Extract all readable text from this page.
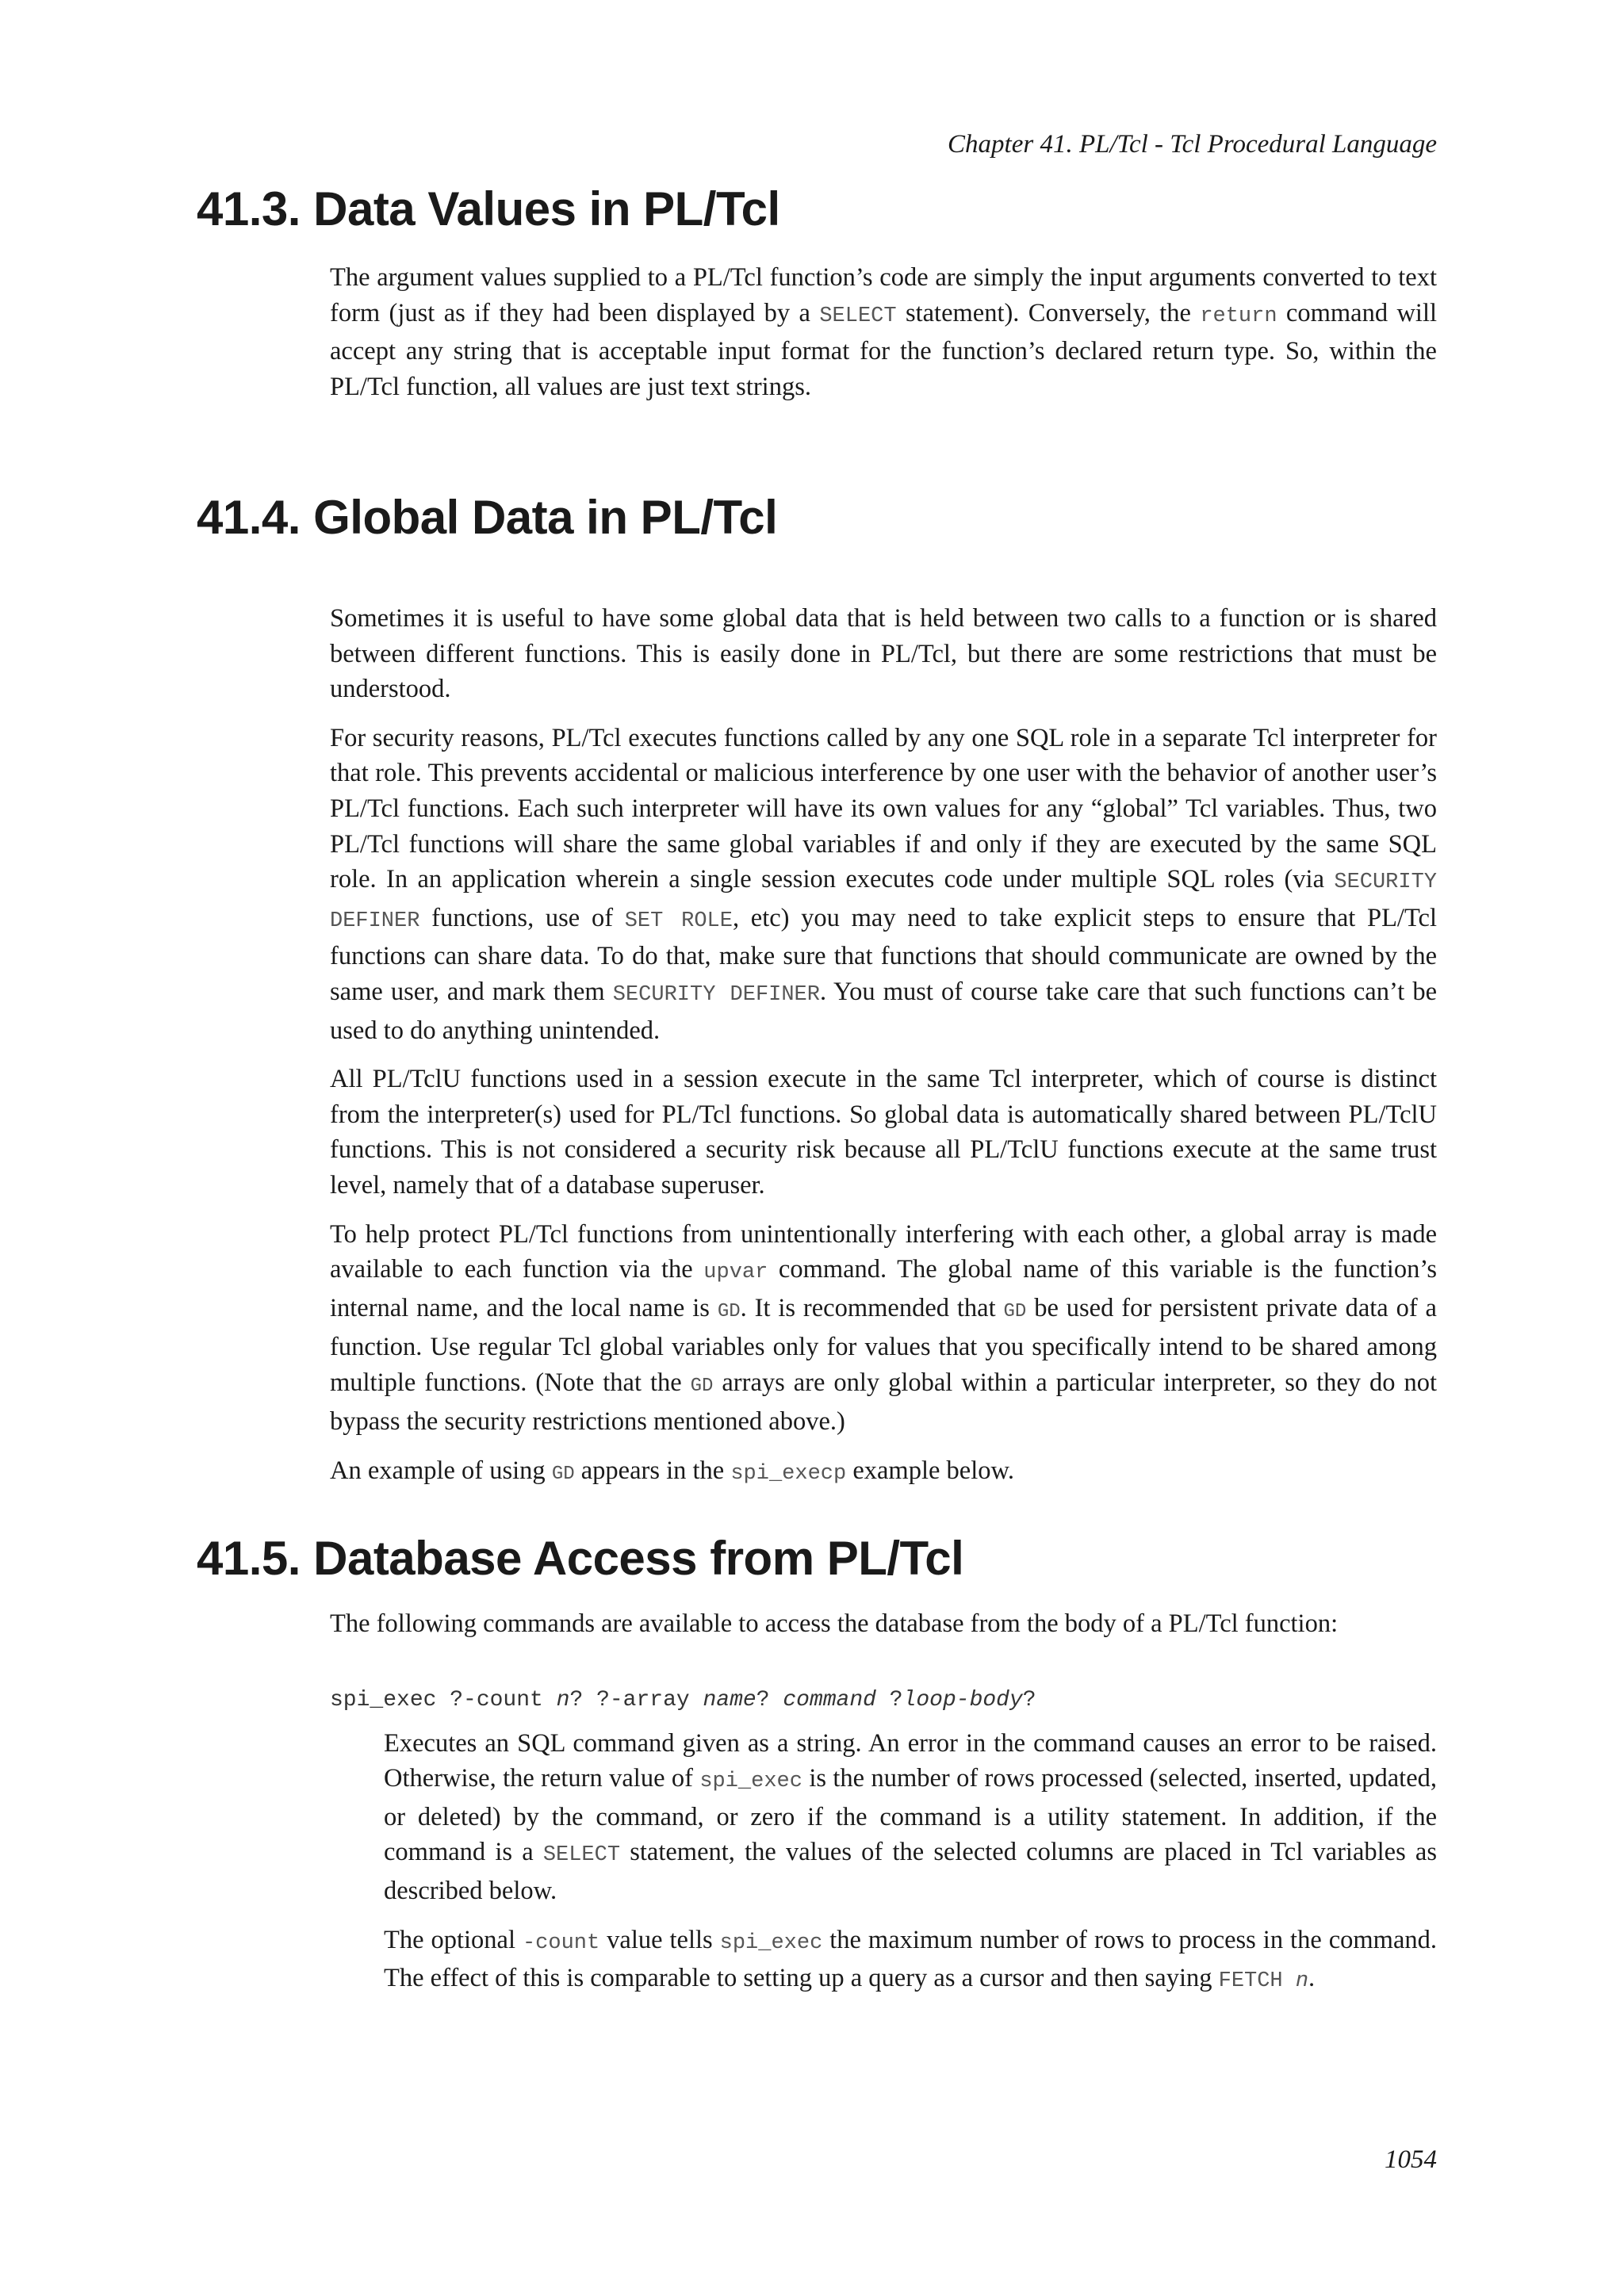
Chapter 41. PL/Tcl - Tcl Procedural Language
41.3. Data Values in PL/Tcl

The argument values supplied to a PL/Tcl function’s code are simply the input arguments converted to text form (just as if they had been displayed by a SELECT statement). Conversely, the return command will accept any string that is acceptable input format for the function’s declared return type. So, within the PL/Tcl function, all values are just text strings.

41.4. Global Data in PL/Tcl

Sometimes it is useful to have some global data that is held between two calls to a function or is shared between different functions. This is easily done in PL/Tcl, but there are some restrictions that must be understood.

For security reasons, PL/Tcl executes functions called by any one SQL role in a separate Tcl interpreter for that role. This prevents accidental or malicious interference by one user with the behavior of another user’s PL/Tcl functions. Each such interpreter will have its own values for any “global” Tcl variables. Thus, two PL/Tcl functions will share the same global variables if and only if they are executed by the same SQL role. In an application wherein a single session executes code under multiple SQL roles (via SECURITY DEFINER functions, use of SET ROLE, etc) you may need to take explicit steps to ensure that PL/Tcl functions can share data. To do that, make sure that functions that should communicate are owned by the same user, and mark them SECURITY DEFINER. You must of course take care that such functions can’t be used to do anything unintended.

All PL/TclU functions used in a session execute in the same Tcl interpreter, which of course is distinct from the interpreter(s) used for PL/Tcl functions. So global data is automatically shared between PL/TclU functions. This is not considered a security risk because all PL/TclU functions execute at the same trust level, namely that of a database superuser.

To help protect PL/Tcl functions from unintentionally interfering with each other, a global array is made available to each function via the upvar command. The global name of this variable is the function’s internal name, and the local name is GD. It is recommended that GD be used for persistent private data of a function. Use regular Tcl global variables only for values that you specifically intend to be shared among multiple functions. (Note that the GD arrays are only global within a particular interpreter, so they do not bypass the security restrictions mentioned above.)

An example of using GD appears in the spi_execp example below.

41.5. Database Access from PL/Tcl

The following commands are available to access the database from the body of a PL/Tcl function:

spi_exec ?-count n? ?-array name? command ?loop-body?

Executes an SQL command given as a string. An error in the command causes an error to be raised. Otherwise, the return value of spi_exec is the number of rows processed (selected, inserted, updated, or deleted) by the command, or zero if the command is a utility statement. In addition, if the command is a SELECT statement, the values of the selected columns are placed in Tcl variables as described below.

The optional -count value tells spi_exec the maximum number of rows to process in the command. The effect of this is comparable to setting up a query as a cursor and then saying FETCH n.

1054
